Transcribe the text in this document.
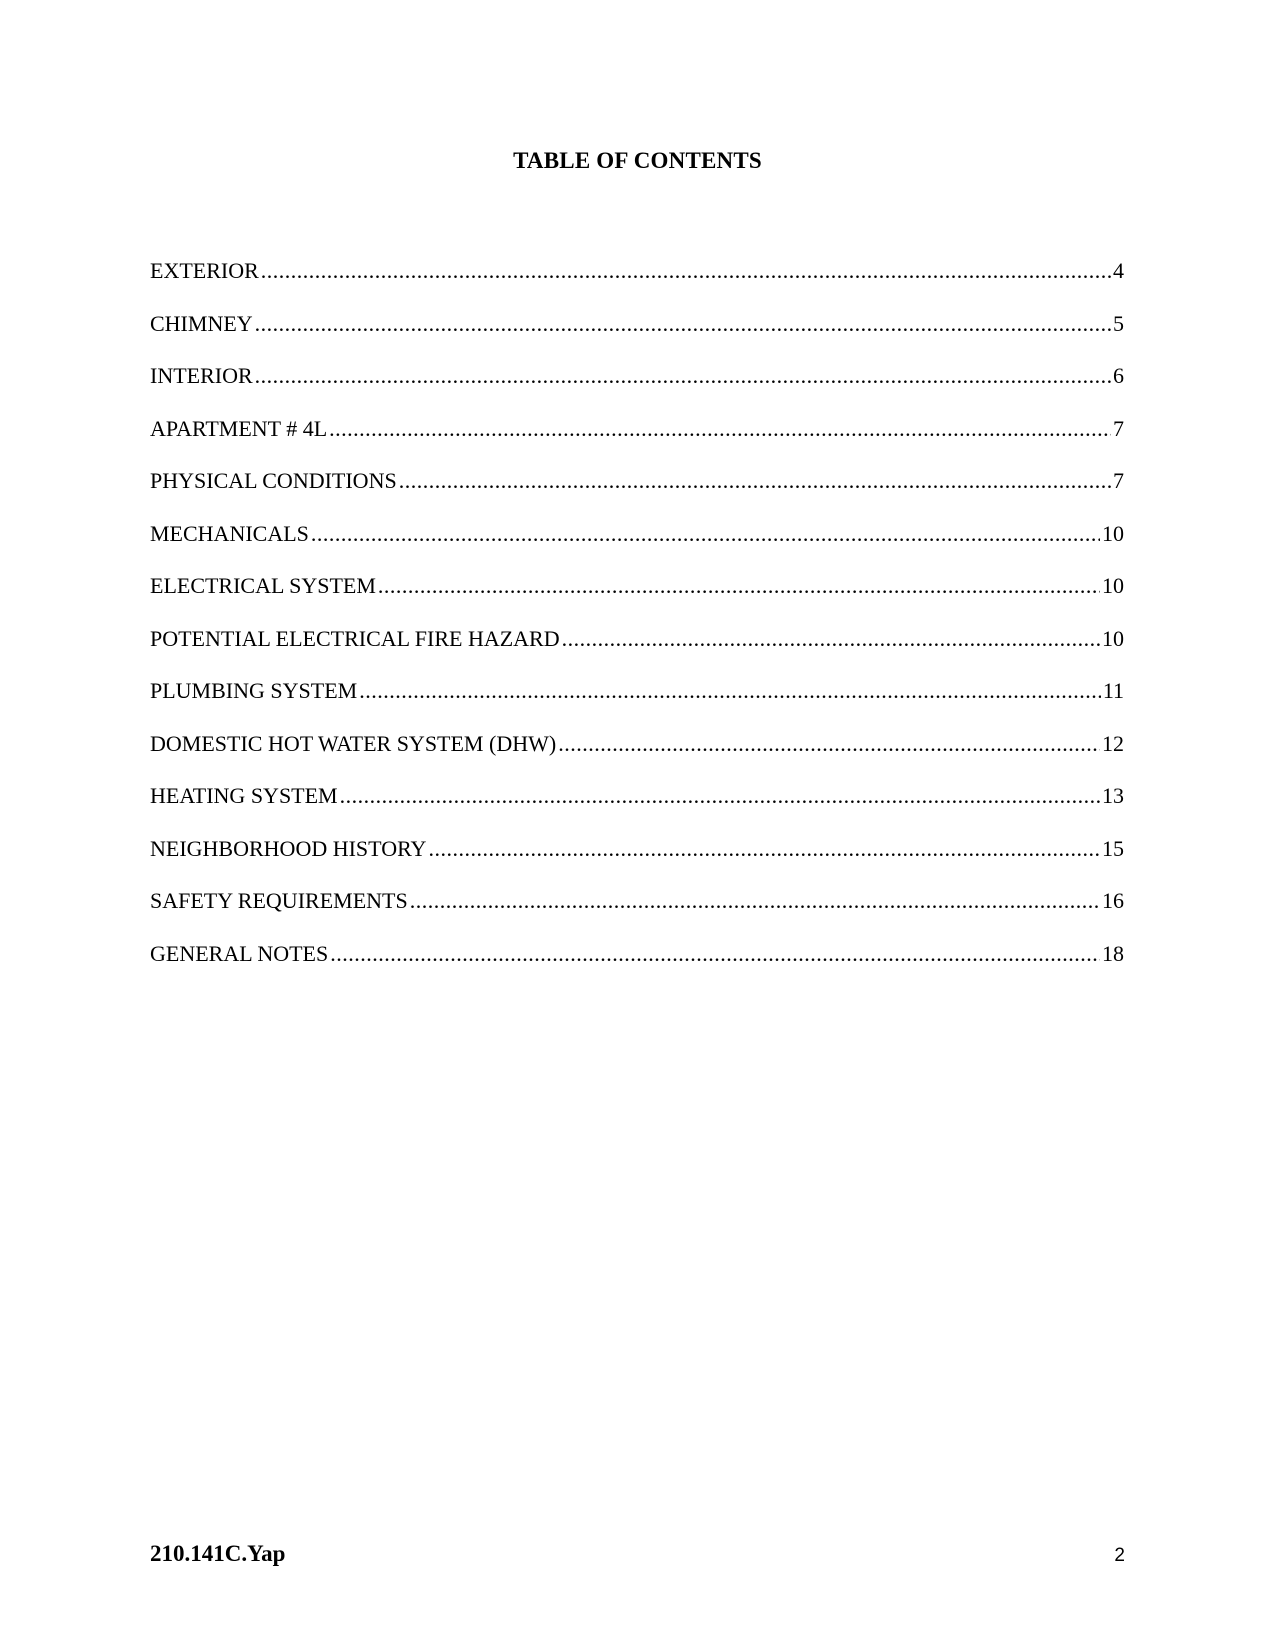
TABLE OF CONTENTS
EXTERIOR .....	4
CHIMNEY .....	5
INTERIOR .....	6
APARTMENT # 4L .....	7
PHYSICAL CONDITIONS .....	7
MECHANICALS .....	10
ELECTRICAL SYSTEM .....	10
POTENTIAL ELECTRICAL FIRE HAZARD .....	10
PLUMBING SYSTEM .....	11
DOMESTIC HOT WATER SYSTEM (DHW) .....	12
HEATING SYSTEM .....	13
NEIGHBORHOOD HISTORY .....	15
SAFETY REQUIREMENTS .....	16
GENERAL NOTES .....	18
210.141C.Yap	2
